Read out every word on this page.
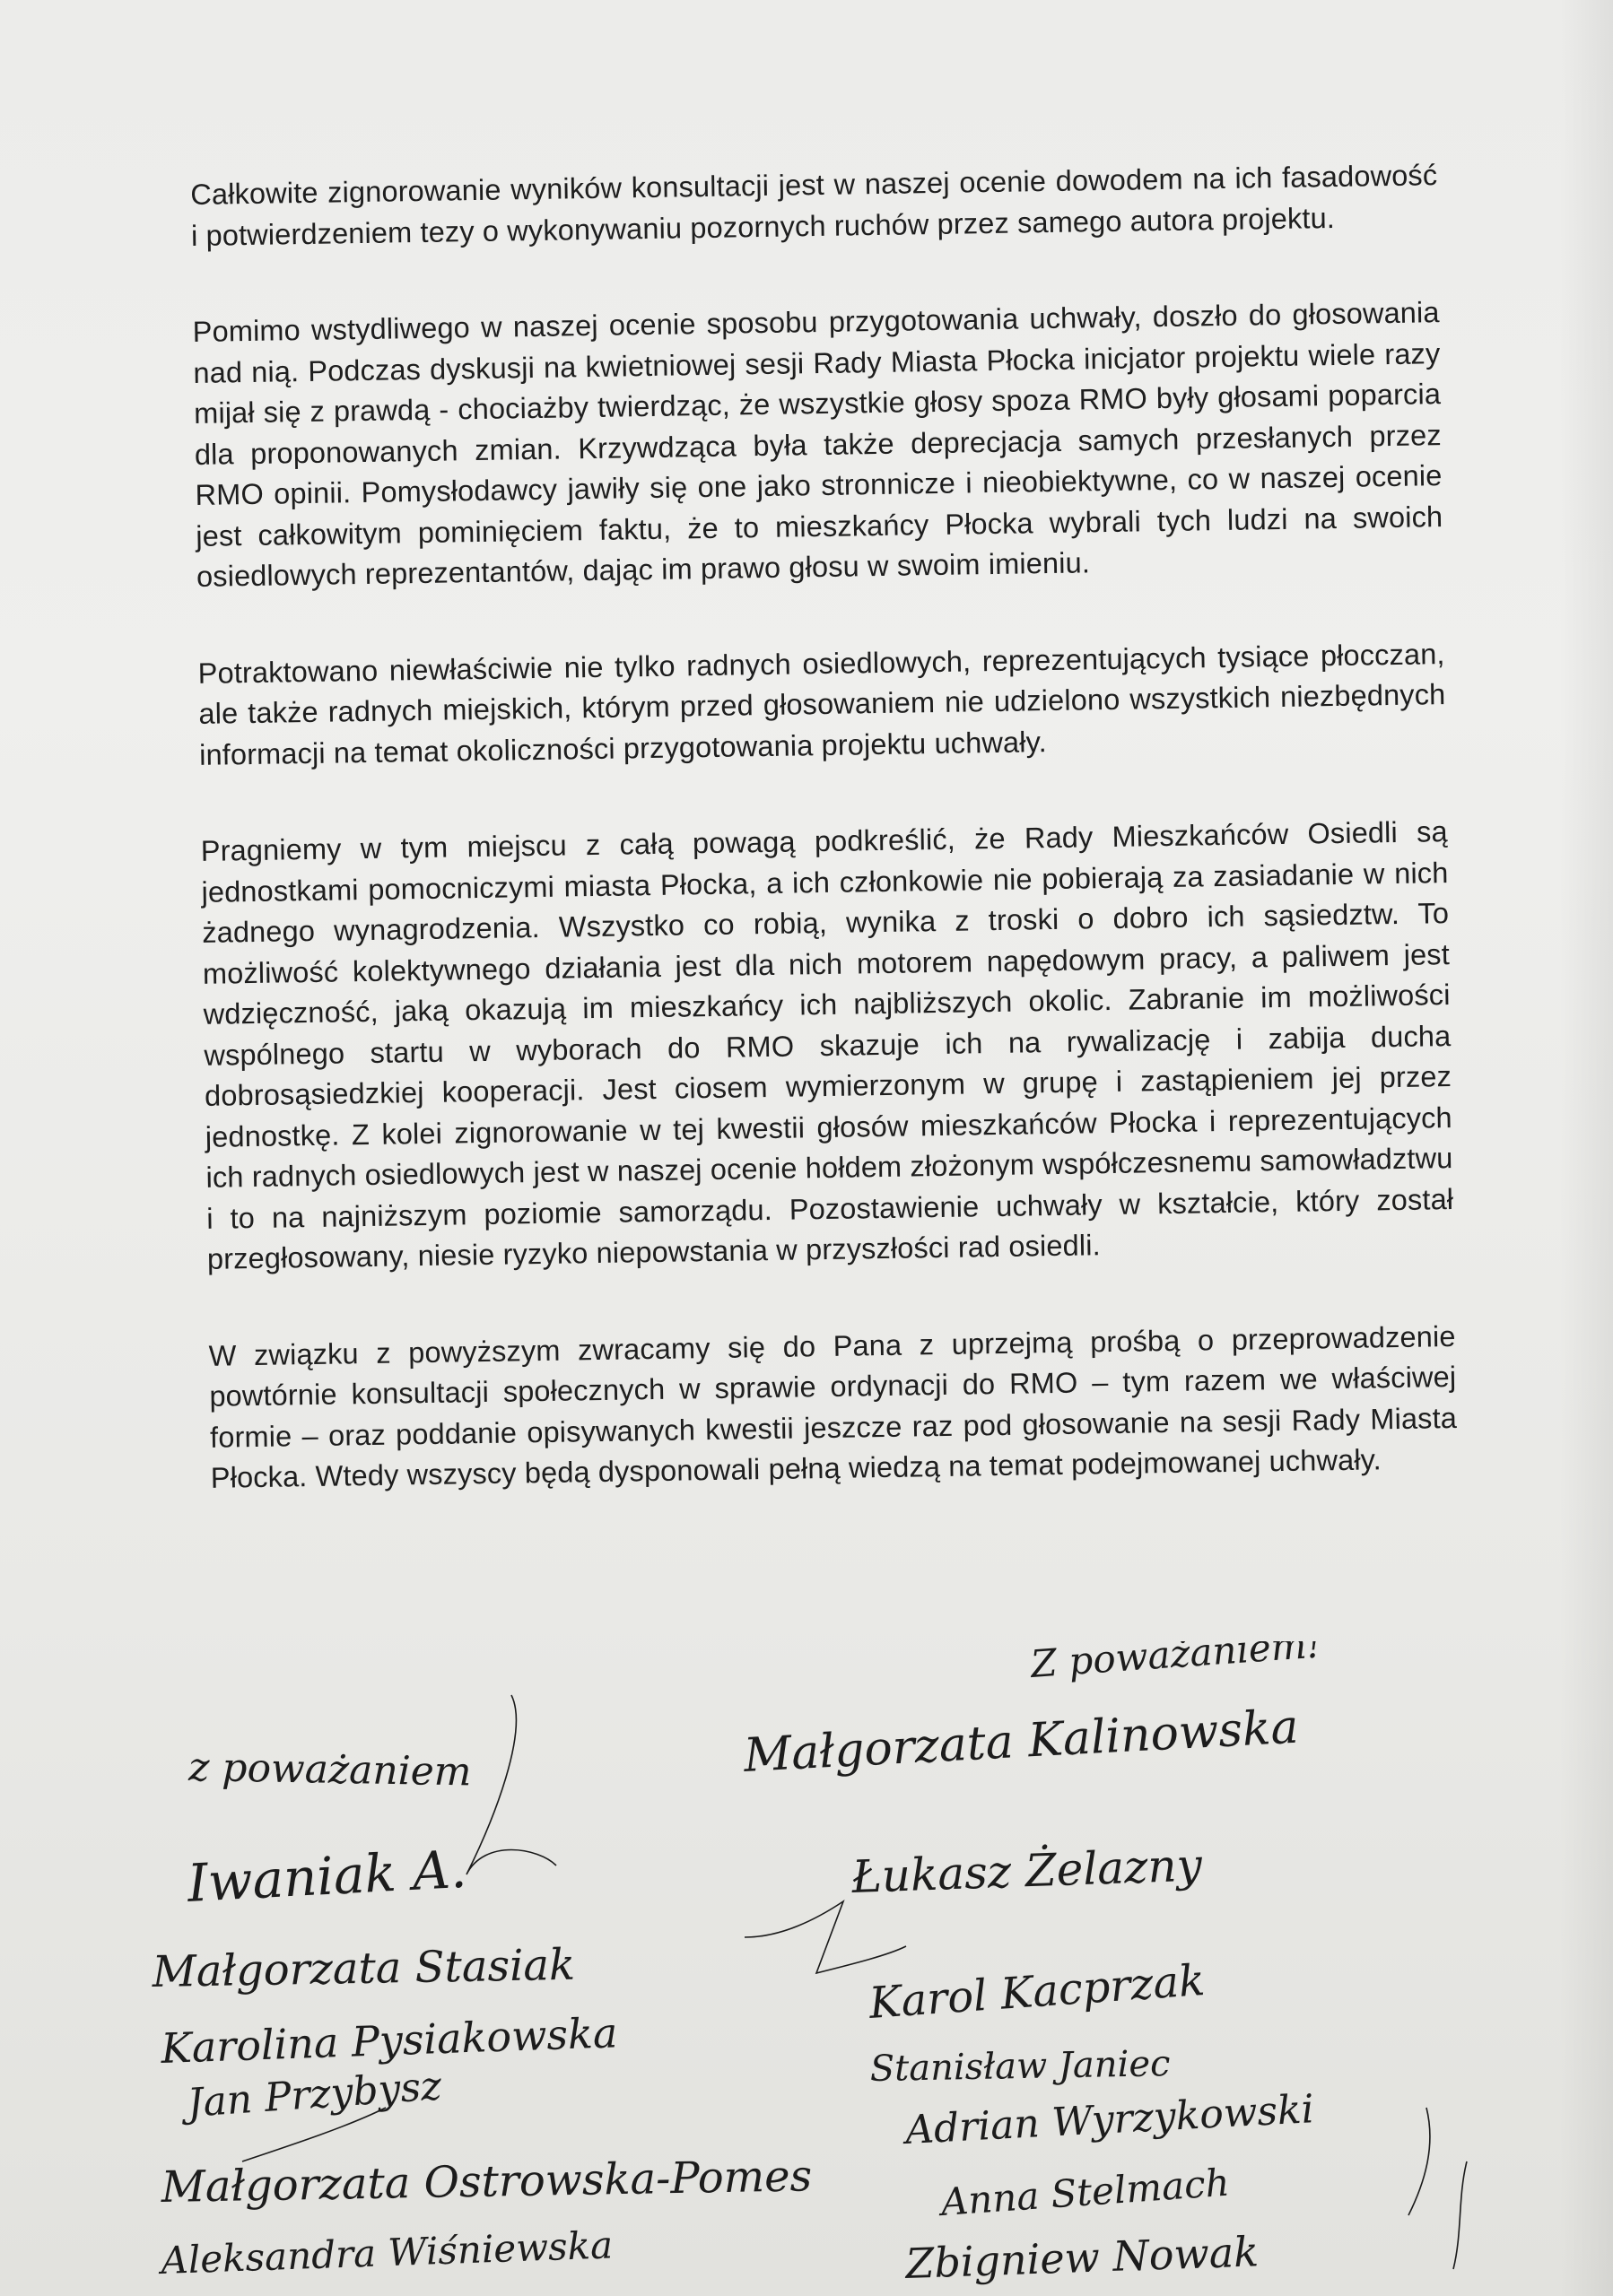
Całkowite zignorowanie wyników konsultacji jest w naszej ocenie dowodem na ich fasadowość i potwierdzeniem tezy o wykonywaniu pozornych ruchów przez samego autora projektu.

Pomimo wstydliwego w naszej ocenie sposobu przygotowania uchwały, doszło do głosowania nad nią. Podczas dyskusji na kwietniowej sesji Rady Miasta Płocka inicjator projektu wiele razy mijał się z prawdą - chociażby twierdząc, że wszystkie głosy spoza RMO były głosami poparcia dla proponowanych zmian. Krzywdząca była także deprecjacja samych przesłanych przez RMO opinii. Pomysłodawcy jawiły się one jako stronnicze i nieobiektywne, co w naszej ocenie jest całkowitym pominięciem faktu, że to mieszkańcy Płocka wybrali tych ludzi na swoich osiedlowych reprezentantów, dając im prawo głosu w swoim imieniu.

Potraktowano niewłaściwie nie tylko radnych osiedlowych, reprezentujących tysiące płocczan, ale także radnych miejskich, którym przed głosowaniem nie udzielono wszystkich niezbędnych informacji na temat okoliczności przygotowania projektu uchwały.

Pragniemy w tym miejscu z całą powagą podkreślić, że Rady Mieszkańców Osiedli są jednostkami pomocniczymi miasta Płocka, a ich członkowie nie pobierają za zasiadanie w nich żadnego wynagrodzenia. Wszystko co robią, wynika z troski o dobro ich sąsiedztw. To możliwość kolektywnego działania jest dla nich motorem napędowym pracy, a paliwem jest wdzięczność, jaką okazują im mieszkańcy ich najbliższych okolic. Zabranie im możliwości wspólnego startu w wyborach do RMO skazuje ich na rywalizację i zabija ducha dobrosąsiedzkiej kooperacji. Jest ciosem wymierzonym w grupę i zastąpieniem jej przez jednostkę. Z kolei zignorowanie w tej kwestii głosów mieszkańców Płocka i reprezentujących ich radnych osiedlowych jest w naszej ocenie hołdem złożonym współczesnemu samowładztwu i to na najniższym poziomie samorządu. Pozostawienie uchwały w kształcie, który został przegłosowany, niesie ryzyko niepowstania w przyszłości rad osiedli.

W związku z powyższym zwracamy się do Pana z uprzejmą prośbą o przeprowadzenie powtórnie konsultacji społecznych w sprawie ordynacji do RMO – tym razem we właściwej formie – oraz poddanie opisywanych kwestii jeszcze raz pod głosowanie na sesji Rady Miasta Płocka. Wtedy wszyscy będą dysponowali pełną wiedzą na temat podejmowanej uchwały.

Z poważaniem!
z poważaniem	Małgorzata Kalinowska
Łukasz Żelazny
Karol Kacprzak
Stanisław Janiec
Adrian Wyrzykowski
Anna Stelmach
Zbigniew Nowak
Iwaniak A.
Małgorzata Stasiak
Karolina Pysiakowska
Jan Przybysz
Małgorzata Ostrowska-Pomes
Aleksandra Wiśniewska
